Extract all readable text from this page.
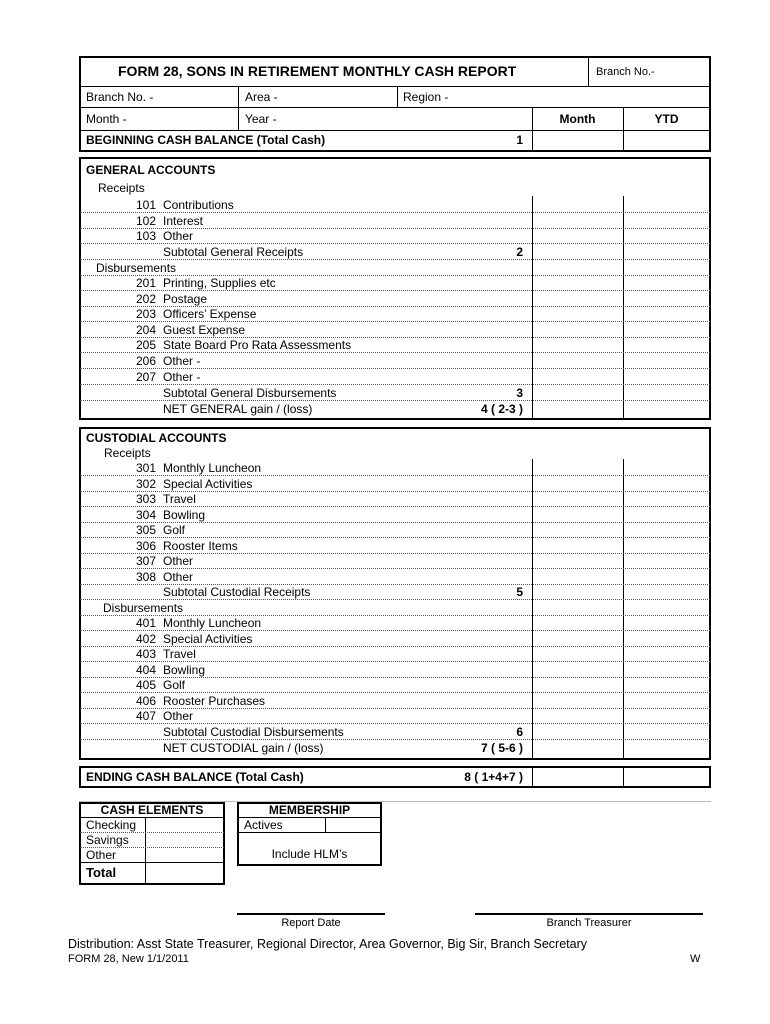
FORM 28, SONS IN RETIREMENT MONTHLY CASH REPORT	Branch No.-
Branch No. -	Area -	Region -
Month -	Year -	Month	YTD
BEGINNING CASH BALANCE (Total Cash)	1
GENERAL ACCOUNTS
Receipts
101 Contributions
102 Interest
103 Other
Subtotal General Receipts	2
Disbursements
201 Printing, Supplies etc
202 Postage
203 Officers’ Expense
204 Guest Expense
205 State Board Pro Rata Assessments
206 Other -
207 Other -
Subtotal General Disbursements	3
NET GENERAL gain / (loss)	4 ( 2-3 )
CUSTODIAL ACCOUNTS
Receipts
301 Monthly Luncheon
302 Special Activities
303 Travel
304 Bowling
305 Golf
306 Rooster Items
307 Other
308 Other
Subtotal Custodial Receipts	5
Disbursements
401 Monthly Luncheon
402 Special Activities
403 Travel
404 Bowling
405 Golf
406 Rooster Purchases
407 Other
Subtotal Custodial Disbursements	6
NET CUSTODIAL gain / (loss)	7 ( 5-6 )
ENDING CASH BALANCE (Total Cash)	8 ( 1+4+7 )
CASH ELEMENTS
Checking
Savings
Other
Total
MEMBERSHIP
Actives
Include HLM’s
Report Date	Branch Treasurer
Distribution: Asst State Treasurer, Regional Director, Area Governor, Big Sir, Branch Secretary
FORM 28, New 1/1/2011	W
